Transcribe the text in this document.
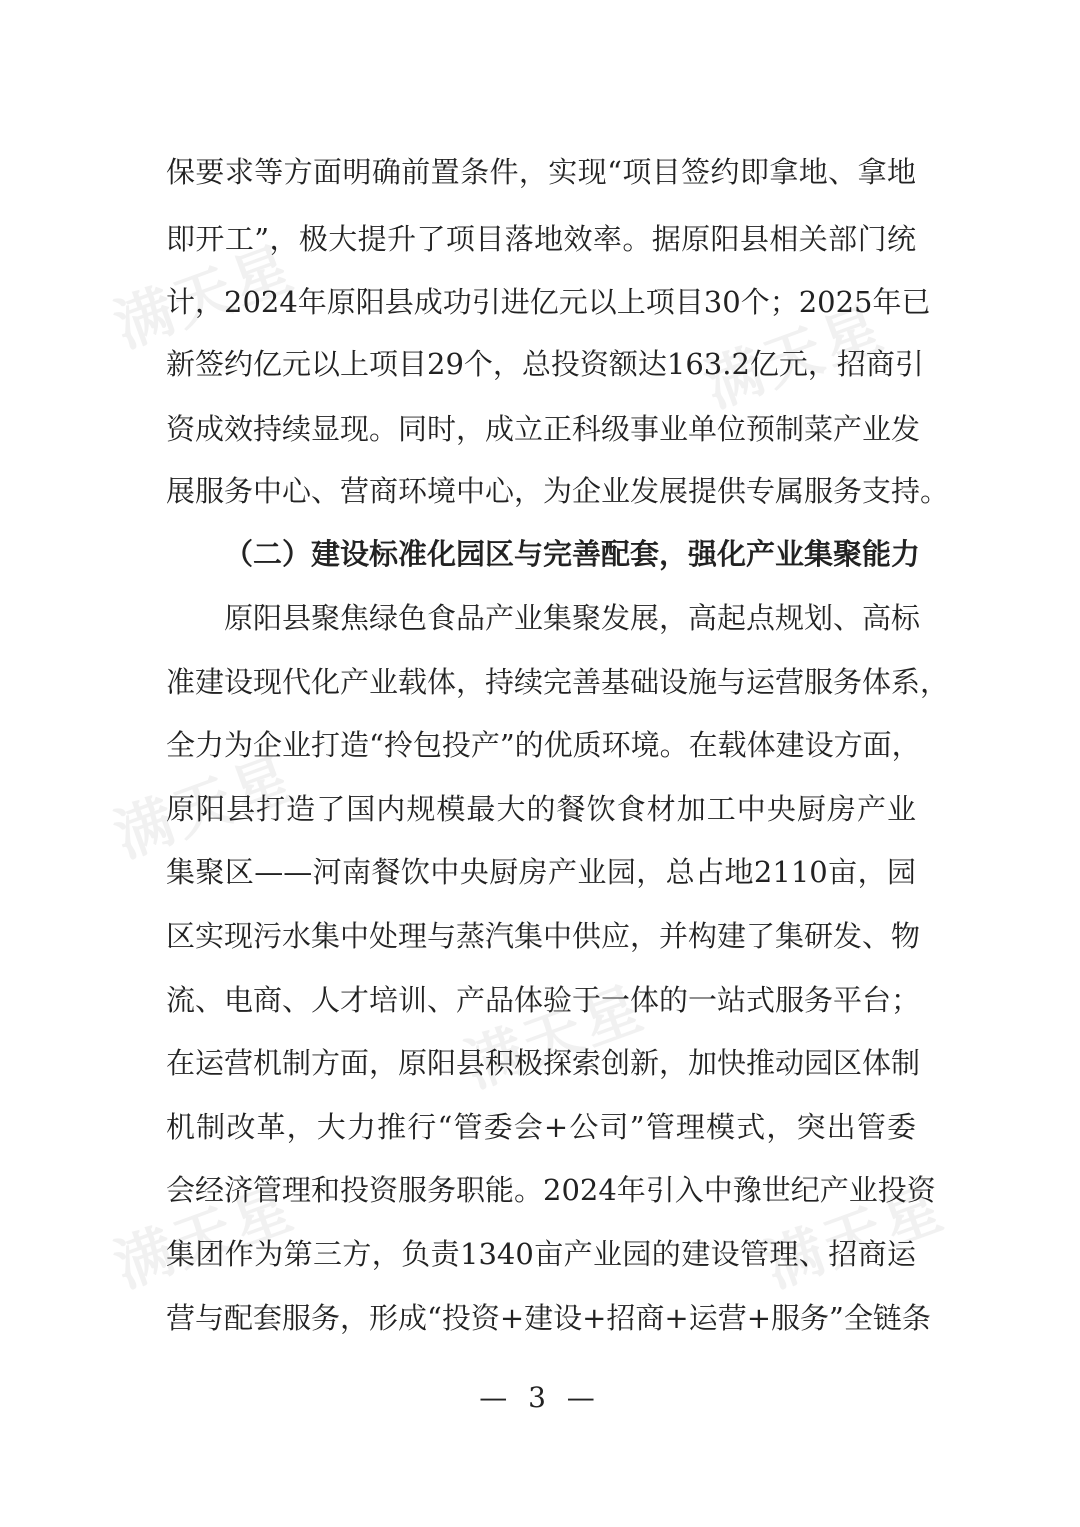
满天星	满天星
满天星
满天星
满天星	满天星
保要求等方面明确前置条件，实现“项目签约即拿地、拿地
即开工”，极大提升了项目落地效率。据原阳县相关部门统
计，2024年原阳县成功引进亿元以上项目30个；2025年已
新签约亿元以上项目29个，总投资额达163.2亿元，招商引
资成效持续显现。同时，成立正科级事业单位预制菜产业发
展服务中心、营商环境中心，为企业发展提供专属服务支持。
（二）建设标准化园区与完善配套，强化产业集聚能力
原阳县聚焦绿色食品产业集聚发展，高起点规划、高标
准建设现代化产业载体，持续完善基础设施与运营服务体系，
全力为企业打造“拎包投产”的优质环境。在载体建设方面，
原阳县打造了国内规模最大的餐饮食材加工中央厨房产业
集聚区——河南餐饮中央厨房产业园，总占地2110亩，园
区实现污水集中处理与蒸汽集中供应，并构建了集研发、物
流、电商、人才培训、产品体验于一体的一站式服务平台；
在运营机制方面，原阳县积极探索创新，加快推动园区体制
机制改革，大力推行“管委会+公司”管理模式，突出管委
会经济管理和投资服务职能。2024年引入中豫世纪产业投资
集团作为第三方，负责1340亩产业园的建设管理、招商运
营与配套服务，形成“投资+建设+招商+运营+服务”全链条
— 3 —
